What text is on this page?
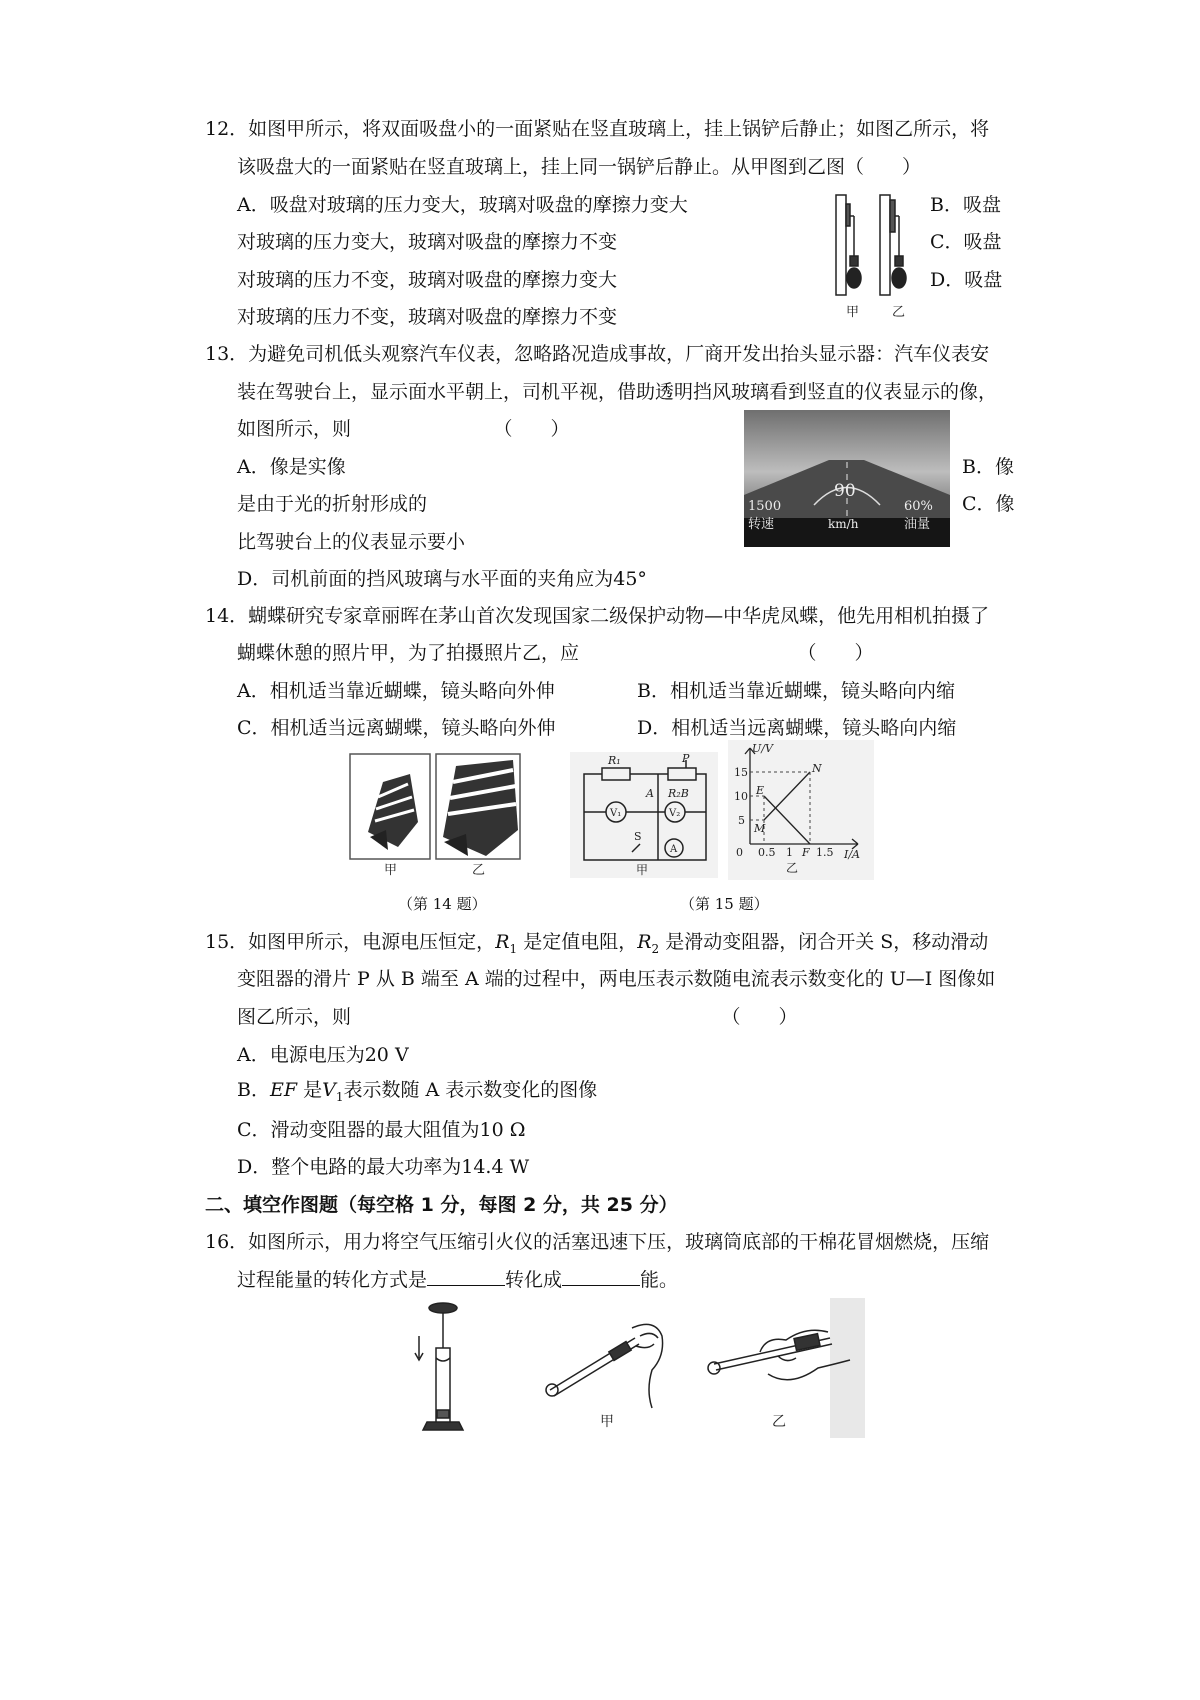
12．如图甲所示，将双面吸盘小的一面紧贴在竖直玻璃上，挂上锅铲后静止；如图乙所示，将
该吸盘大的一面紧贴在竖直玻璃上，挂上同一锅铲后静止。从甲图到乙图（　　）
A．吸盘对玻璃的压力变大，玻璃对吸盘的摩擦力变大	B．吸盘
对玻璃的压力变大，玻璃对吸盘的摩擦力不变	C．吸盘
对玻璃的压力不变，玻璃对吸盘的摩擦力变大	D．吸盘
对玻璃的压力不变，玻璃对吸盘的摩擦力不变	甲	乙
13．为避免司机低头观察汽车仪表，忽略路况造成事故，厂商开发出抬头显示器：汽车仪表安
装在驾驶台上，显示面水平朝上，司机平视，借助透明挡风玻璃看到竖直的仪表显示的像，
如图所示，则　　　　　　　　（　　）
A．像是实像	B．像
是由于光的折射形成的	C．像
比驾驶台上的仪表显示要小
D．司机前面的挡风玻璃与水平面的夹角应为45°
90
1500	60%
转速	km/h	油量
14．蝴蝶研究专家章丽晖在茅山首次发现国家二级保护动物—中华虎凤蝶，他先用相机拍摄了
蝴蝶休憩的照片甲，为了拍摄照片乙，应　　　　　　　　　　　　（　　）
A．相机适当靠近蝴蝶，镜头略向外伸	B．相机适当靠近蝴蝶，镜头略向内缩
C．相机适当远离蝴蝶，镜头略向外伸	D．相机适当远离蝴蝶，镜头略向内缩
甲	乙
R₁	P
A R₂B
V₁	V₂
S
A
甲
U/V
I/A
15
10
5
0 0.5 1 1.5
E
M
N
F
乙
（第 14 题）	（第 15 题）
15．如图甲所示，电源电压恒定，$R_1$ 是定值电阻，$R_2$ 是滑动变阻器，闭合开关 S，移动滑动
变阻器的滑片 P 从 B 端至 A 端的过程中，两电压表示数随电流表示数变化的 U—I 图像如
图乙所示，则　　　　　　　　　　　　　　　　　　　　（　　）
A．电源电压为20 V
B．EF 是$V_1$表示数随 A 表示数变化的图像
C．滑动变阻器的最大阻值为10 Ω
D．整个电路的最大功率为14.4 W
二、填空作图题（每空格 1 分，每图 2 分，共 25 分）
16．如图所示，用力将空气压缩引火仪的活塞迅速下压，玻璃筒底部的干棉花冒烟燃烧，压缩
过程能量的转化方式是	转化成	能。
甲	乙
